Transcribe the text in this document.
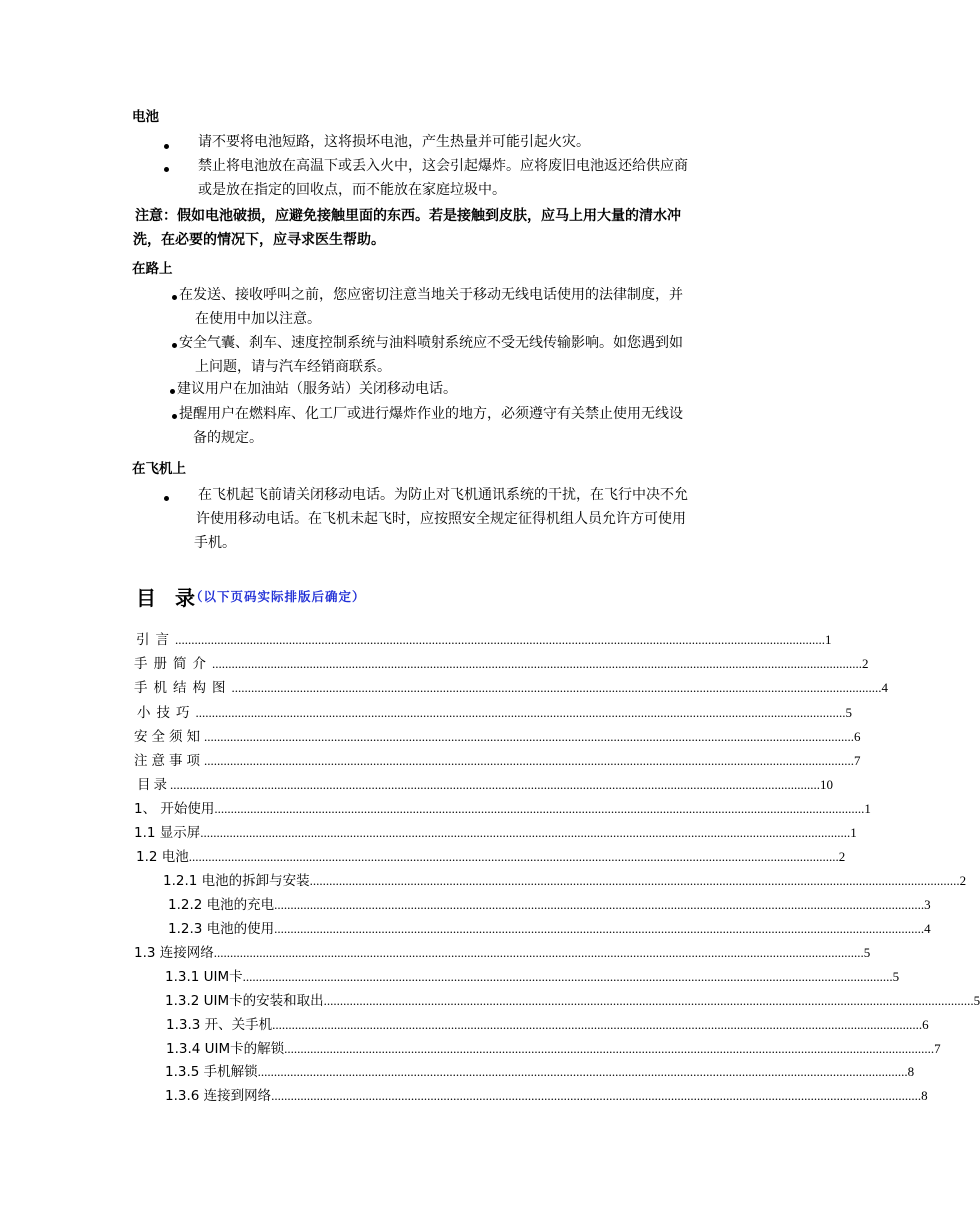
电池
请不要将电池短路，这将损坏电池，产生热量并可能引起火灾。
禁止将电池放在高温下或丢入火中，这会引起爆炸。应将废旧电池返还给供应商
或是放在指定的回收点，而不能放在家庭垃圾中。
注意：假如电池破损，应避免接触里面的东西。若是接触到皮肤，应马上用大量的清水冲
洗，在必要的情况下，应寻求医生帮助。
在路上
在发送、接收呼叫之前，您应密切注意当地关于移动无线电话使用的法律制度，并
在使用中加以注意。
安全气囊、刹车、速度控制系统与油料喷射系统应不受无线传输影响。如您遇到如
上问题，请与汽车经销商联系。
建议用户在加油站（服务站）关闭移动电话。
提醒用户在燃料库、化工厂或进行爆炸作业的地方，必须遵守有关禁止使用无线设
备的规定。
在飞机上
在飞机起飞前请关闭移动电话。为防止对飞机通讯系统的干扰，在飞行中决不允
许使用移动电话。在飞机未起飞时，应按照安全规定征得机组人员允许方可使用
手机。
目 录
（以下页码实际排版后确定）
引言 ........................................................................................................................................................................................................ 1
手册简介 ........................................................................................................................................................................................................ 2
手机结构图 ........................................................................................................................................................................................................ 4
小技巧 ........................................................................................................................................................................................................ 5
安全须知 ........................................................................................................................................................................................................ 6
注意事项 ........................................................................................................................................................................................................ 7
目录 ........................................................................................................................................................................................................ 10
1、 开始使用 ........................................................................................................................................................................................................ 1
1.1 显示屏 ........................................................................................................................................................................................................ 1
1.2 电池 ........................................................................................................................................................................................................ 2
1.2.1 电池的拆卸与安装 ........................................................................................................................................................................................................ 2
1.2.2 电池的充电 ........................................................................................................................................................................................................ 3
1.2.3 电池的使用 ........................................................................................................................................................................................................ 4
1.3 连接网络 ........................................................................................................................................................................................................ 5
1.3.1 UIM卡 ........................................................................................................................................................................................................ 5
1.3.2 UIM卡的安装和取出 ........................................................................................................................................................................................................ 5
1.3.3 开、关手机 ........................................................................................................................................................................................................ 6
1.3.4 UIM卡的解锁 ........................................................................................................................................................................................................ 7
1.3.5 手机解锁 ........................................................................................................................................................................................................ 8
1.3.6 连接到网络 ........................................................................................................................................................................................................ 8
